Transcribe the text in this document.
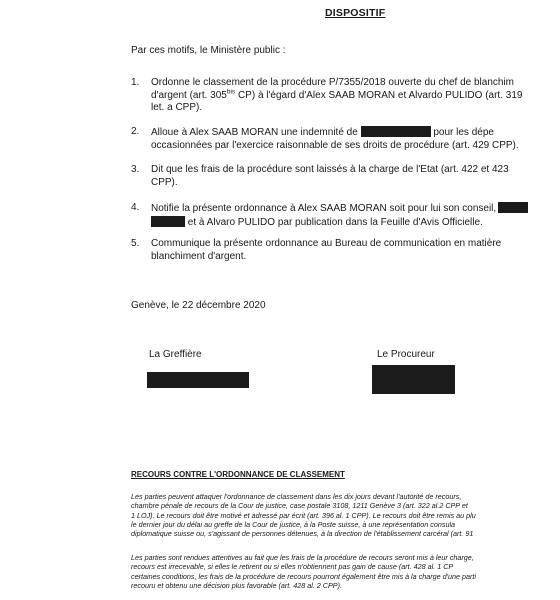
DISPOSITIF
Par ces motifs, le Ministère public :
1. Ordonne le classement de la procédure P/7355/2018 ouverte du chef de blanchim
d'argent (art. $305^{bis}$ CP) à l'égard d'Alex SAAB MORAN et Alvardo PULIDO (art. 319
let. a CPP).
2. Alloue à Alex SAAB MORAN une indemnité de	pour les dépe
occasionnées par l'exercice raisonnable de ses droits de procédure (art. 429 CPP).
3. Dit que les frais de la procédure sont laissés à la charge de l'Etat (art. 422 et 423
CPP).
4. Notifie la présente ordonnance à Alex SAAB MORAN soit pour lui son conseil,
et à Alvaro PULIDO par publication dans la Feuille d'Avis Officielle.
5. Communique la présente ordonnance au Bureau de communication en matière
blanchiment d'argent.
Genève, le 22 décembre 2020
La Greffière	Le Procureur
RECOURS CONTRE L'ORDONNANCE DE CLASSEMENT
Les parties peuvent attaquer l'ordonnance de classement dans les dix jours devant l'autorité de recours,
chambre pénale de recours de la Cour de justice, case postale 3108, 1211 Genève 3 (art. 322 al.2 CPP et
1 LOJ). Le recours doit être motivé et adressé par écrit (art. 396 al. 1 CPP). Le recours doit être remis au plu
le dernier jour du délai au greffe de la Cour de justice, à la Poste suisse, à une représentation consula
diplomatique suisse ou, s'agissant de personnes détenues, à la direction de l'établissement carcéral (art. 91
Les parties sont rendues attentives au fait que les frais de la procédure de recours seront mis à leur charge,
recours est irrecevable, si elles le retirent ou si elles n'obtiennent pas gain de cause (art. 428 al. 1 CP
certaines conditions, les frais de la procédure de recours pourront également être mis à la charge d'une parti
recouru et obtenu une décision plus favorable (art. 428 al. 2 CPP).
